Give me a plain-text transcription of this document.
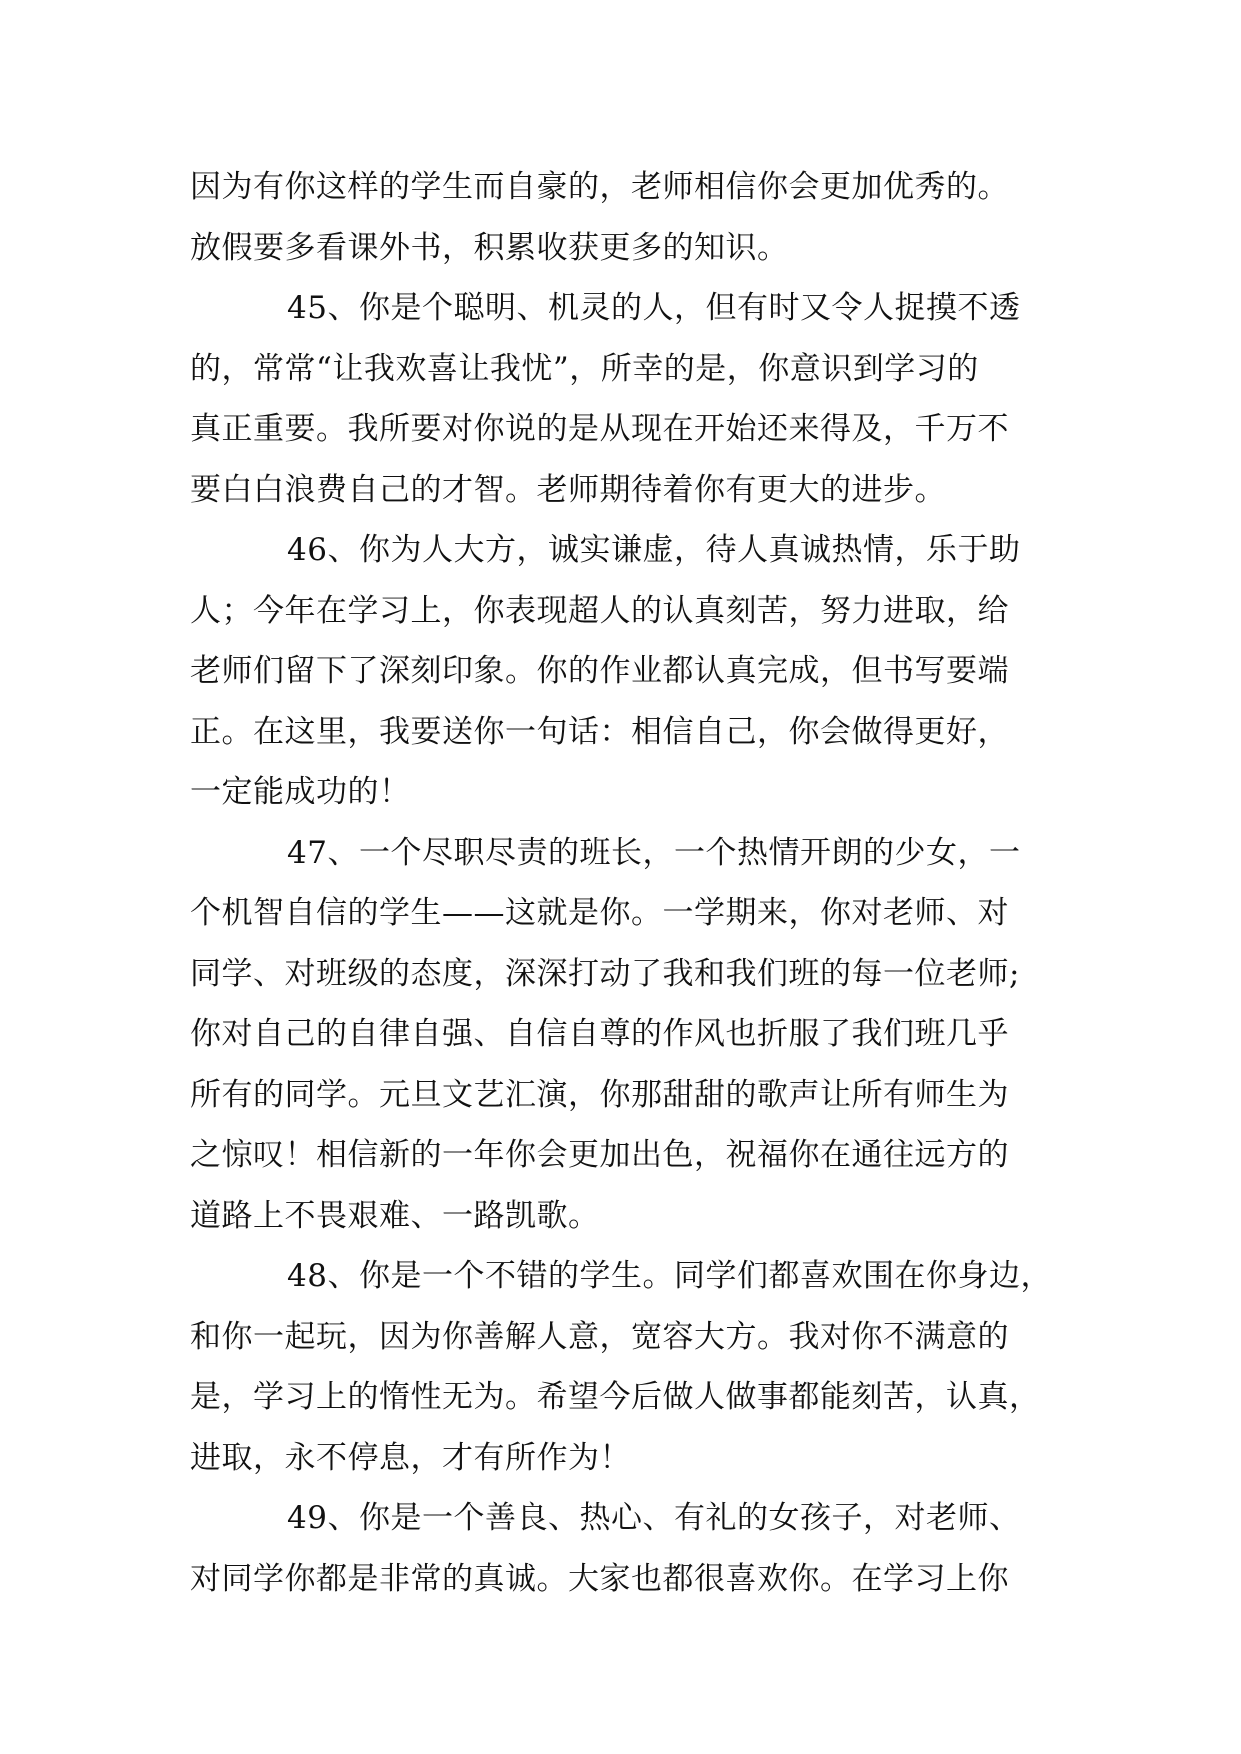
因为有你这样的学生而自豪的，老师相信你会更加优秀的。
放假要多看课外书，积累收获更多的知识。
45、你是个聪明、机灵的人，但有时又令人捉摸不透
的，常常“让我欢喜让我忧”，所幸的是，你意识到学习的
真正重要。我所要对你说的是从现在开始还来得及，千万不
要白白浪费自己的才智。老师期待着你有更大的进步。
46、你为人大方，诚实谦虚，待人真诚热情，乐于助
人；今年在学习上，你表现超人的认真刻苦，努力进取，给
老师们留下了深刻印象。你的作业都认真完成，但书写要端
正。在这里，我要送你一句话：相信自己，你会做得更好，
一定能成功的！
47、一个尽职尽责的班长，一个热情开朗的少女，一
个机智自信的学生——这就是你。一学期来，你对老师、对
同学、对班级的态度，深深打动了我和我们班的每一位老师;
你对自己的自律自强、自信自尊的作风也折服了我们班几乎
所有的同学。元旦文艺汇演，你那甜甜的歌声让所有师生为
之惊叹！相信新的一年你会更加出色，祝福你在通往远方的
道路上不畏艰难、一路凯歌。
48、你是一个不错的学生。同学们都喜欢围在你身边，
和你一起玩，因为你善解人意，宽容大方。我对你不满意的
是，学习上的惰性无为。希望今后做人做事都能刻苦，认真，
进取，永不停息，才有所作为！
49、你是一个善良、热心、有礼的女孩子，对老师、
对同学你都是非常的真诚。大家也都很喜欢你。在学习上你
